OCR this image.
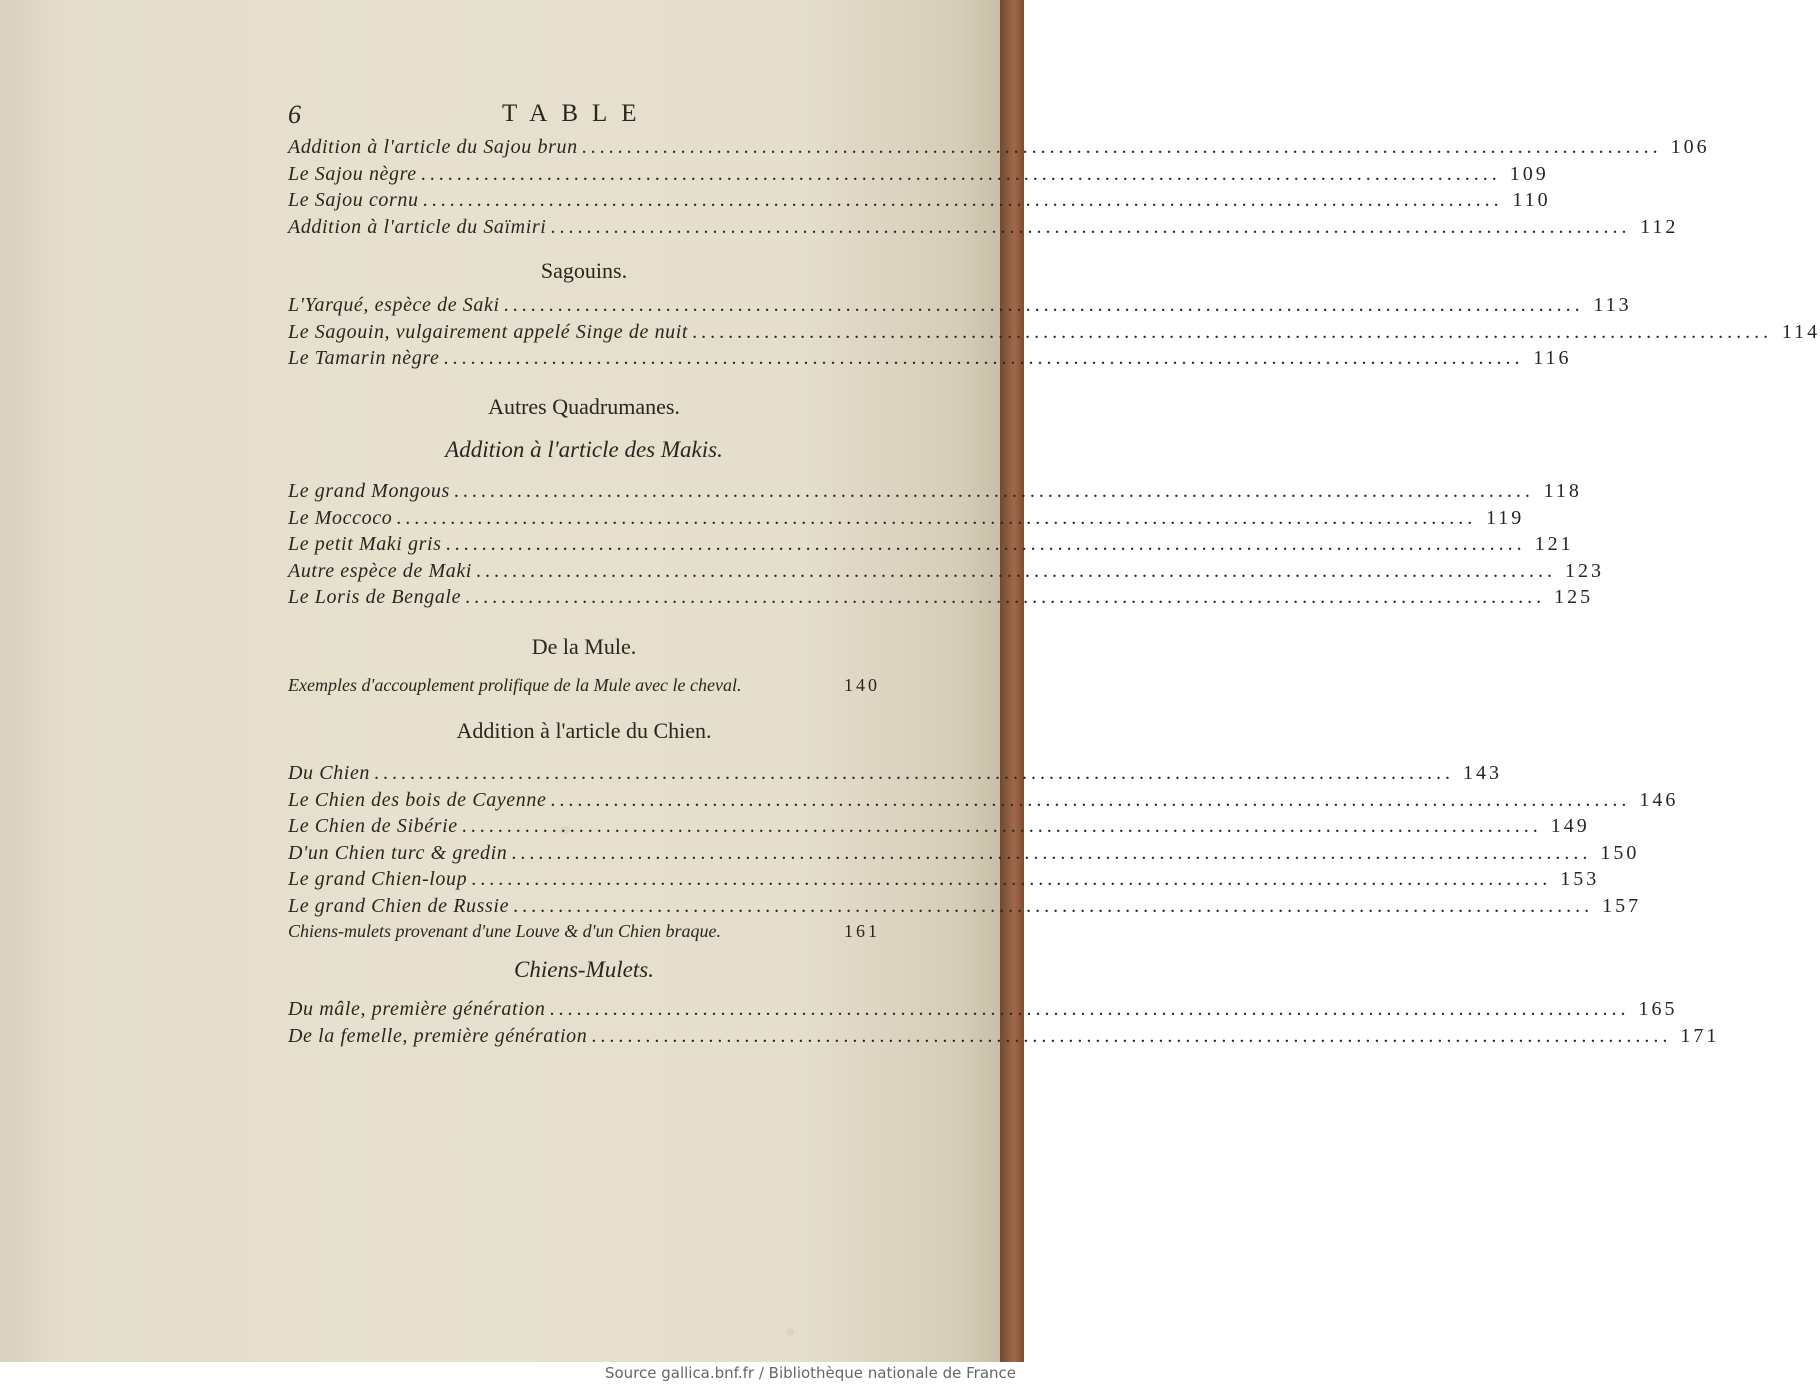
6	TABLE
Addition à l'article du Sajou brun ........................................................................................................................ 106
Le Sajou nègre ........................................................................................................................ 109
Le Sajou cornu ........................................................................................................................ 110
Addition à l'article du Saïmiri ........................................................................................................................ 112
Sagouins.
L'Yarqué, espèce de Saki ........................................................................................................................ 113
Le Sagouin, vulgairement appelé Singe de nuit ........................................................................................................................ 114
Le Tamarin nègre ........................................................................................................................ 116
Autres Quadrumanes.
Addition à l'article des Makis.
Le grand Mongous ........................................................................................................................ 118
Le Moccoco ........................................................................................................................ 119
Le petit Maki gris ........................................................................................................................ 121
Autre espèce de Maki ........................................................................................................................ 123
Le Loris de Bengale ........................................................................................................................ 125
De la Mule.
Exemples d'accouplement prolifique de la Mule avec le cheval.	140
Addition à l'article du Chien.
Du Chien ........................................................................................................................ 143
Le Chien des bois de Cayenne ........................................................................................................................ 146
Le Chien de Sibérie ........................................................................................................................ 149
D'un Chien turc & gredin ........................................................................................................................ 150
Le grand Chien-loup ........................................................................................................................ 153
Le grand Chien de Russie ........................................................................................................................ 157
Chiens-mulets provenant d'une Louve & d'un Chien braque.	161
Chiens-Mulets.
Du mâle, première génération ........................................................................................................................ 165
De la femelle, première génération ........................................................................................................................ 171
Source gallica.bnf.fr / Bibliothèque nationale de France
